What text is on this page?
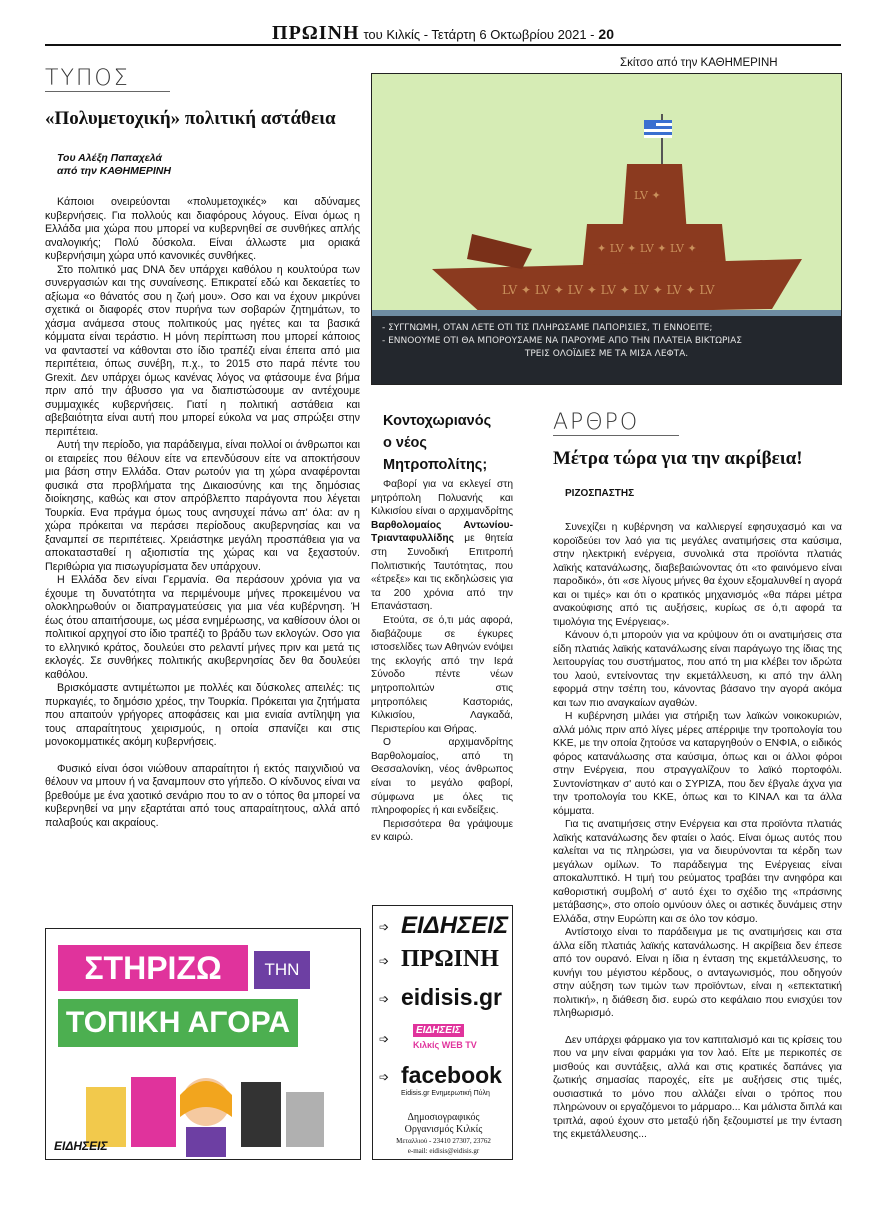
ΠΡΩΙΝΗ του Κιλκίς - Τετάρτη 6 Οκτωβρίου 2021 - 20
ΤΥΠΟΣ
«Πολυμετοχική» πολιτική αστάθεια
Του Αλέξη Παπαχελά
από την ΚΑΘΗΜΕΡΙΝΗ

Κάποιοι ονειρεύονται «πολυμετοχικές» και αδύναμες κυβερνήσεις. Για πολλούς και διαφόρους λόγους. Είναι όμως η Ελλάδα μια χώρα που μπορεί να κυβερνηθεί σε συνθήκες απλής αναλογικής; Πολύ δύσκολα. Είναι άλλωστε μια οριακά κυβερνήσιμη χώρα υπό κανονικές συνθήκες.

Στο πολιτικό μας DNA δεν υπάρχει καθόλου η κουλτούρα των συνεργασιών και της συναίνεσης. Επικρατεί εδώ και δεκαετίες το αξίωμα «ο θάνατός σου η ζωή μου». Οσο και να έχουν μικρύνει σχετικά οι διαφορές στον πυρήνα των σοβαρών ζητημάτων, το χάσμα ανάμεσα στους πολιτικούς μας ηγέτες και τα βασικά κόμματα είναι τεράστιο. Η μόνη περίπτωση που μπορεί κάποιος να φανταστεί να κάθονται στο ίδιο τραπέζι είναι έπειτα από μια περιπέτεια, όπως συνέβη, π.χ., το 2015 στο παρά πέντε του Grexit. Δεν υπάρχει όμως κανένας λόγος να φτάσουμε ένα βήμα πριν από την άβυσσο για να διαπιστώσουμε αν αντέχουμε συμμαχικές κυβερνήσεις. Γιατί η πολιτική αστάθεια και αβεβαιότητα είναι αυτή που μπορεί εύκολα να μας σπρώξει στην περιπέτεια.

Αυτή την περίοδο, για παράδειγμα, είναι πολλοί οι άνθρωποι και οι εταιρείες που θέλουν είτε να επενδύσουν είτε να αποκτήσουν μια βάση στην Ελλάδα. Οταν ρωτούν για τη χώρα αναφέρονται φυσικά στα προβλήματα της Δικαιοσύνης και της δημόσιας διοίκησης, καθώς και στον απρόβλεπτο παράγοντα που λέγεται Τουρκία. Ενα πράγμα όμως τους ανησυχεί πάνω απ' όλα: αν η χώρα πρόκειται να περάσει περίοδους ακυβερνησίας και να ξαναμπεί σε περιπέτειες. Χρειάστηκε μεγάλη προσπάθεια για να αποκατασταθεί η αξιοπιστία της χώρας και να ξεχαστούν. Περιθώρια για πισωγυρίσματα δεν υπάρχουν.

Η Ελλάδα δεν είναι Γερμανία. Θα περάσουν χρόνια για να έχουμε τη δυνατότητα να περιμένουμε μήνες προκειμένου να ολοκληρωθούν οι διαπραγματεύσεις για μια νέα κυβέρνηση. Ή έως ότου απαιτήσουμε, ως μέσα ενημέρωσης, να καθίσουν όλοι οι πολιτικοί αρχηγοί στο ίδιο τραπέζι το βράδυ των εκλογών. Οσο για το ελληνικό κράτος, δουλεύει στο ρελαντί μήνες πριν και μετά τις εκλογές. Σε συνθήκες πολιτικής ακυβερνησίας δεν θα δουλεύει καθόλου.

Βρισκόμαστε αντιμέτωποι με πολλές και δύσκολες απειλές: τις πυρκαγιές, το δημόσιο χρέος, την Τουρκία. Πρόκειται για ζητήματα που απαιτούν γρήγορες αποφάσεις και μια ενιαία αντίληψη για τους απαραίτητους χειρισμούς, η οποία σπανίζει και στις μονοκομματικές ακόμη κυβερνήσεις.

Φυσικό είναι όσοι νιώθουν απαραίτητοι ή εκτός παιχνιδιού να θέλουν να μπουν ή να ξαναμπουν στο γήπεδο. Ο κίνδυνος είναι να βρεθούμε με ένα χαοτικό σενάριο που το αν ο τόπος θα μπορεί να κυβερνηθεί να μην εξαρτάται από τους απαραίτητους, αλλά από παλαβούς και ακραίους.

ΣΤΗΡΙΖΩ	ΤΗΝ
ΤΟΠΙΚΗ ΑΓΟΡΑ
ΕΙΔΗΣΕΙΣ
Σκίτσο από την ΚΑΘΗΜΕΡΙΝΗ
LV ✦ LV ✦ LV ✦ LV ✦ LV ✦ LV ✦ LV
✦ LV ✦ LV ✦ LV ✦
LV ✦
- ΣΥΓΓΝΩΜΗ, ΟΤΑΝ ΛΕΤΕ ΟΤΙ ΤΙΣ ΠΛΗΡΩΣΑΜΕ ΠΑΠΟΡΙΣΙΕΣ, ΤΙ ΕΝΝΟΕΙΤΕ;
- ΕΝΝΟΟΥΜΕ ΟΤΙ ΘΑ ΜΠΟΡΟΥΣΑΜΕ ΝΑ ΠΑΡΟΥΜΕ ΑΠΟ ΤΗΝ ΠΛΑΤΕΙΑ ΒΙΚΤΩΡΙΑΣ
ΤΡΕΙΣ ΟΛΟΪΔΙΕΣ ΜΕ ΤΑ ΜΙΣΑ ΛΕΦΤΑ.
Κοντοχωριανός
ο νέος
Μητροπολίτης;

Φαβορί για να εκλεγεί στη μητρόπολη Πολυανής και Κιλκισίου είναι ο αρχιμανδρίτης Βαρθολομαίος Αντωνίου-Τριανταφυλλίδης με θητεία στη Συνοδική Επιτροπή Πολιτιστικής Ταυτότητας, που «έτρεξε» και τις εκδηλώσεις για τα 200 χρόνια από την Επανάσταση.

Ετούτα, σε ό,τι μάς αφορά, διαβάζουμε σε έγκυρες ιστοσελίδες των Αθηνών ενόψει της εκλογής από την Ιερά Σύνοδο πέντε νέων μητροπολιτών στις μητροπόλεις Καστοριάς, Κιλκισίου, Λαγκαδά, Περιστερίου και Θήρας.

Ο αρχιμανδρίτης Βαρθολομαίος, από τη Θεσσαλονίκη, νέος άνθρωπος είναι το μεγάλο φαβορί, σύμφωνα με όλες τις πληροφορίες ή και ενδείξεις.

Περισσότερα θα γράψουμε εν καιρώ.

➩ ΕΙΔΗΣΕΙΣ
➩ ΠΡΩΙΝΗ
➩ eidisis.gr
➩
ΕΙΔΗΣΕΙΣ
Κιλκίς WEB TV
➩ facebook
Eidisis.gr Ενημερωτική Πύλη
Δημοσιογραφικός
Οργανισμός Κιλκίς
Μεταλλιού - 23410 27307, 23762
e-mail: eidisis@eidisis.gr
ΑΡΘΡΟ
Μέτρα τώρα για την ακρίβεια!
ΡΙΖΟΣΠΑΣΤΗΣ

Συνεχίζει η κυβέρνηση να καλλιεργεί εφησυχασμό και να κοροϊδεύει τον λαό για τις μεγάλες ανατιμήσεις στα καύσιμα, στην ηλεκτρική ενέργεια, συνολικά στα προϊόντα πλατιάς λαϊκής κατανάλωσης, διαβεβαιώνοντας ότι «το φαινόμενο είναι παροδικό», ότι «σε λίγους μήνες θα έχουν εξομαλυνθεί η αγορά και οι τιμές» και ότι ο κρατικός μηχανισμός «θα πάρει μέτρα ανακούφισης από τις αυξήσεις, κυρίως σε ό,τι αφορά τα τιμολόγια της Ενέργειας».

Κάνουν ό,τι μπορούν για να κρύψουν ότι οι ανατιμήσεις στα είδη πλατιάς λαϊκής κατανάλωσης είναι παράγωγο της ίδιας της λειτουργίας του συστήματος, που από τη μια κλέβει τον ιδρώτα του λαού, εντείνοντας την εκμετάλλευση, κι από την άλλη εφορμά στην τσέπη του, κάνοντας βάσανο την αγορά ακόμα και των πιο αναγκαίων αγαθών.

Η κυβέρνηση μιλάει για στήριξη των λαϊκών νοικοκυριών, αλλά μόλις πριν από λίγες μέρες απέρριψε την τροπολογία του ΚΚΕ, με την οποία ζητούσε να καταργηθούν ο ΕΝΦΙΑ, ο ειδικός φόρος κατανάλωσης στα καύσιμα, όπως και οι άλλοι φόροι στην Ενέργεια, που στραγγαλίζουν το λαϊκό πορτοφόλι. Συντονίστηκαν σ' αυτό και ο ΣΥΡΙΖΑ, που δεν έβγαλε άχνα για την τροπολογία του ΚΚΕ, όπως και το ΚΙΝΑΛ και τα άλλα κόμματα.

Για τις ανατιμήσεις στην Ενέργεια και στα προϊόντα πλατιάς λαϊκής κατανάλωσης δεν φταίει ο λαός. Είναι όμως αυτός που καλείται να τις πληρώσει, για να διευρύνονται τα κέρδη των μεγάλων ομίλων. Το παράδειγμα της Ενέργειας είναι αποκαλυπτικό. Η τιμή του ρεύματος τραβάει την ανηφόρα και καθοριστική συμβολή σ' αυτό έχει το σχέδιο της «πράσινης μετάβασης», στο οποίο ομνύουν όλες οι αστικές δυνάμεις στην Ελλάδα, στην Ευρώπη και σε όλο τον κόσμο.

Αντίστοιχο είναι το παράδειγμα με τις ανατιμήσεις και στα άλλα είδη πλατιάς λαϊκής κατανάλωσης. Η ακρίβεια δεν έπεσε από τον ουρανό. Είναι η ίδια η ένταση της εκμετάλλευσης, το κυνήγι του μέγιστου κέρδους, ο ανταγωνισμός, που οδηγούν στην αύξηση των τιμών των προϊόντων, είναι η «επεκτατική πολιτική», η διάθεση δισ. ευρώ στο κεφάλαιο που ενισχύει τον πληθωρισμό.

Δεν υπάρχει φάρμακο για τον καπιταλισμό και τις κρίσεις του που να μην είναι φαρμάκι για τον λαό. Είτε με περικοπές σε μισθούς και συντάξεις, αλλά και στις κρατικές δαπάνες για ζωτικής σημασίας παροχές, είτε με αυξήσεις στις τιμές, ουσιαστικά το μόνο που αλλάζει είναι ο τρόπος που πληρώνουν οι εργαζόμενοι το μάρμαρο... Και μάλιστα διπλά και τριπλά, αφού έχουν στο μεταξύ ήδη ξεζουμιστεί με την ένταση της εκμετάλλευσης...
